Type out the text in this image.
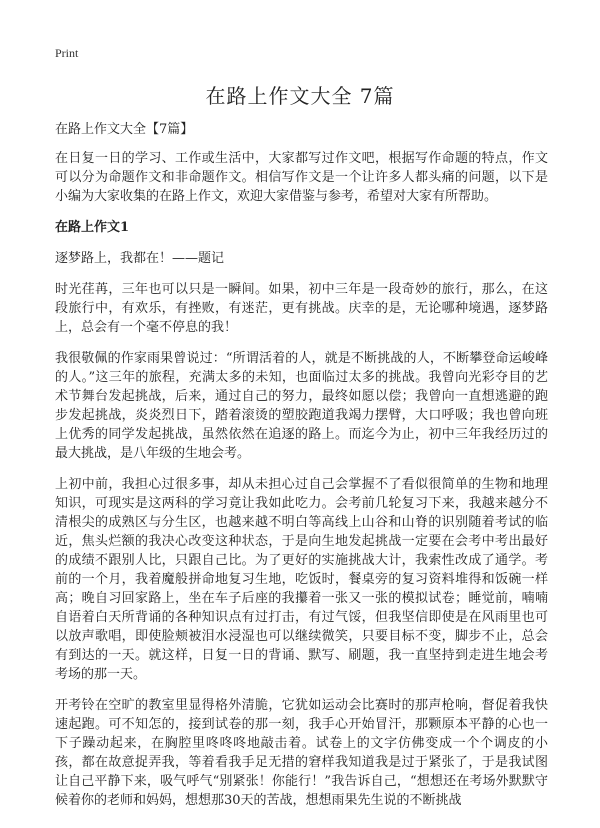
Print
在路上作文大全 7篇
在路上作文大全【7篇】

在日复一日的学习、工作或生活中，大家都写过作文吧，根据写作命题的特点，作文可以分为命题作文和非命题作文。相信写作文是一个让许多人都头痛的问题，以下是小编为大家收集的在路上作文，欢迎大家借鉴与参考，希望对大家有所帮助。

在路上作文1

逐梦路上，我都在！——题记

时光荏苒，三年也可以只是一瞬间。如果，初中三年是一段奇妙的旅行，那么，在这段旅行中，有欢乐，有挫败，有迷茫，更有挑战。庆幸的是，无论哪种境遇，逐梦路上，总会有一个毫不停息的我！

我很敬佩的作家雨果曾说过：“所谓活着的人，就是不断挑战的人，不断攀登命运峻峰的人。”这三年的旅程，充满太多的未知，也面临过太多的挑战。我曾向光彩夺目的艺术节舞台发起挑战，后来，通过自己的努力，最终如愿以偿；我曾向一直想逃避的跑步发起挑战，炎炎烈日下，踏着滚烫的塑胶跑道我竭力摆臂，大口呼吸；我也曾向班上优秀的同学发起挑战，虽然依然在追逐的路上。而迄今为止，初中三年我经历过的最大挑战，是八年级的生地会考。

上初中前，我担心过很多事，却从未担心过自己会掌握不了看似很简单的生物和地理知识，可现实是这两科的学习竟让我如此吃力。会考前几轮复习下来，我越来越分不清根尖的成熟区与分生区，也越来越不明白等高线上山谷和山脊的识别随着考试的临近，焦头烂额的我决心改变这种状态，于是向生地发起挑战一定要在会考中考出最好的成绩不跟别人比，只跟自己比。为了更好的实施挑战大计，我索性改成了通学。考前的一个月，我着魔般拼命地复习生地，吃饭时，餐桌旁的复习资料堆得和饭碗一样高；晚自习回家路上，坐在车子后座的我攥着一张又一张的模拟试卷；睡觉前，喃喃自语着白天所背诵的各种知识点有过打击，有过气馁，但我坚信即使是在风雨里也可以放声歌唱，即使脸颊被泪水浸湿也可以继续微笑，只要目标不变，脚步不止，总会有到达的一天。就这样，日复一日的背诵、默写、刷题，我一直坚持到走进生地会考考场的那一天。

开考铃在空旷的教室里显得格外清脆，它犹如运动会比赛时的那声枪响，督促着我快速起跑。可不知怎的，接到试卷的那一刻，我手心开始冒汗，那颗原本平静的心也一下子躁动起来，在胸腔里咚咚咚地敲击着。试卷上的文字仿佛变成一个个调皮的小孩，都在故意捉弄我，等着看我手足无措的窘样我知道我是过于紧张了，于是我试图让自己平静下来，吸气呼气“别紧张！你能行！”我告诉自己，“想想还在考场外默默守候着你的老师和妈妈，想想那30天的苦战，想想雨果先生说的不断挑战
